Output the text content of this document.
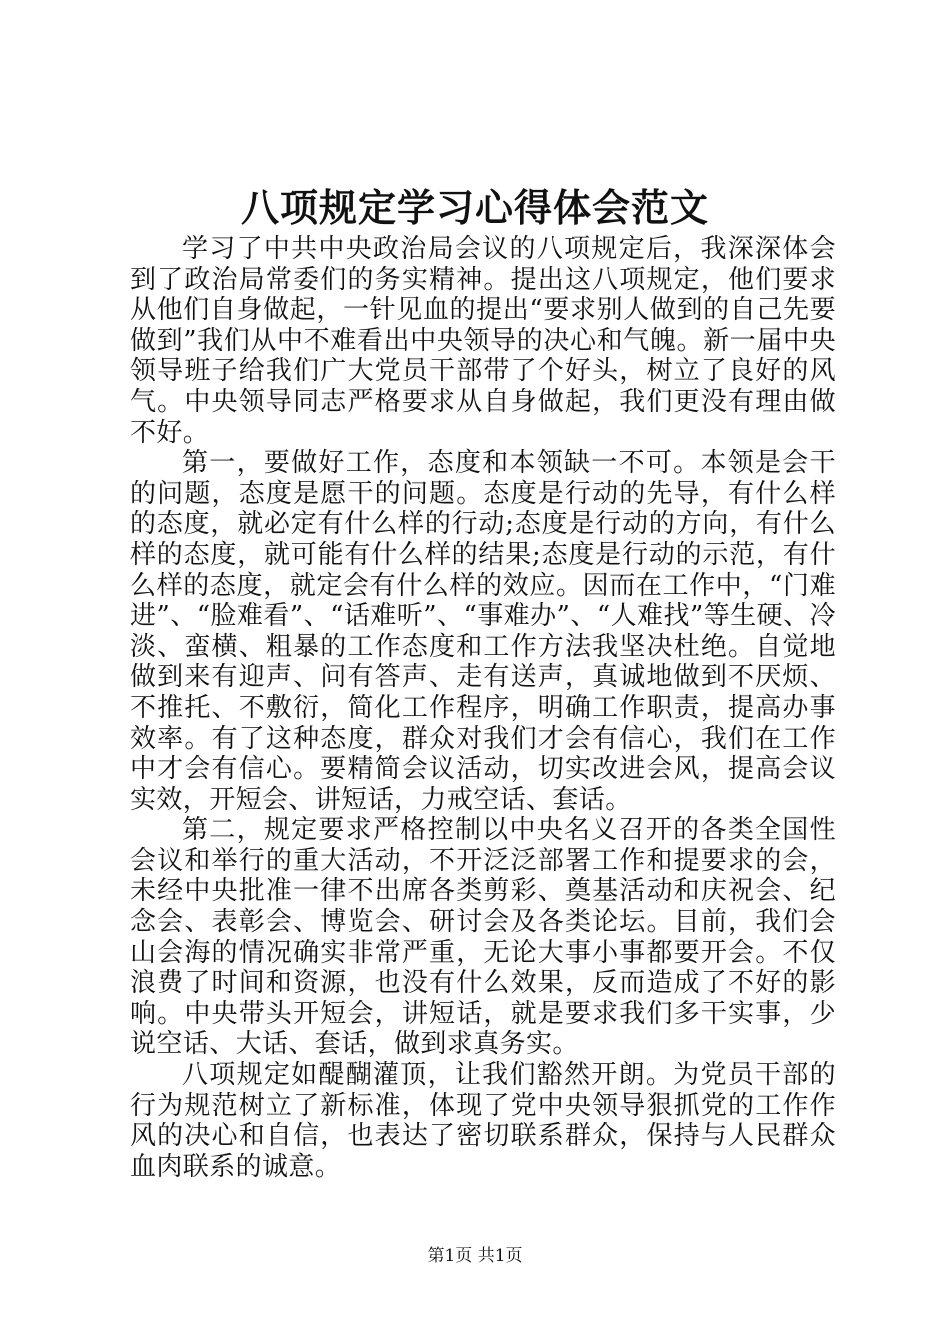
八项规定学习心得体会范文

学习了中共中央政治局会议的八项规定后，我深深体会到了政治局常委们的务实精神。提出这八项规定，他们要求从他们自身做起，一针见血的提出“要求别人做到的自己先要做到”我们从中不难看出中央领导的决心和气魄。新一届中央领导班子给我们广大党员干部带了个好头，树立了良好的风气。中央领导同志严格要求从自身做起，我们更没有理由做不好。

第一，要做好工作，态度和本领缺一不可。本领是会干的问题，态度是愿干的问题。态度是行动的先导，有什么样的态度，就必定有什么样的行动;态度是行动的方向，有什么样的态度，就可能有什么样的结果;态度是行动的示范，有什么样的态度，就定会有什么样的效应。因而在工作中，“门难进”、“脸难看”、“话难听”、“事难办”、“人难找”等生硬、冷淡、蛮横、粗暴的工作态度和工作方法我坚决杜绝。自觉地做到来有迎声、问有答声、走有送声，真诚地做到不厌烦、不推托、不敷衍，简化工作程序，明确工作职责，提高办事效率。有了这种态度，群众对我们才会有信心，我们在工作中才会有信心。要精简会议活动，切实改进会风，提高会议实效，开短会、讲短话，力戒空话、套话。

第二，规定要求严格控制以中央名义召开的各类全国性会议和举行的重大活动，不开泛泛部署工作和提要求的会，未经中央批准一律不出席各类剪彩、奠基活动和庆祝会、纪念会、表彰会、博览会、研讨会及各类论坛。目前，我们会山会海的情况确实非常严重，无论大事小事都要开会。不仅浪费了时间和资源，也没有什么效果，反而造成了不好的影响。中央带头开短会，讲短话，就是要求我们多干实事，少说空话、大话、套话，做到求真务实。

八项规定如醍醐灌顶，让我们豁然开朗。为党员干部的行为规范树立了新标准，体现了党中央领导狠抓党的工作作风的决心和自信，也表达了密切联系群众，保持与人民群众血肉联系的诚意。

第1页 共1页
